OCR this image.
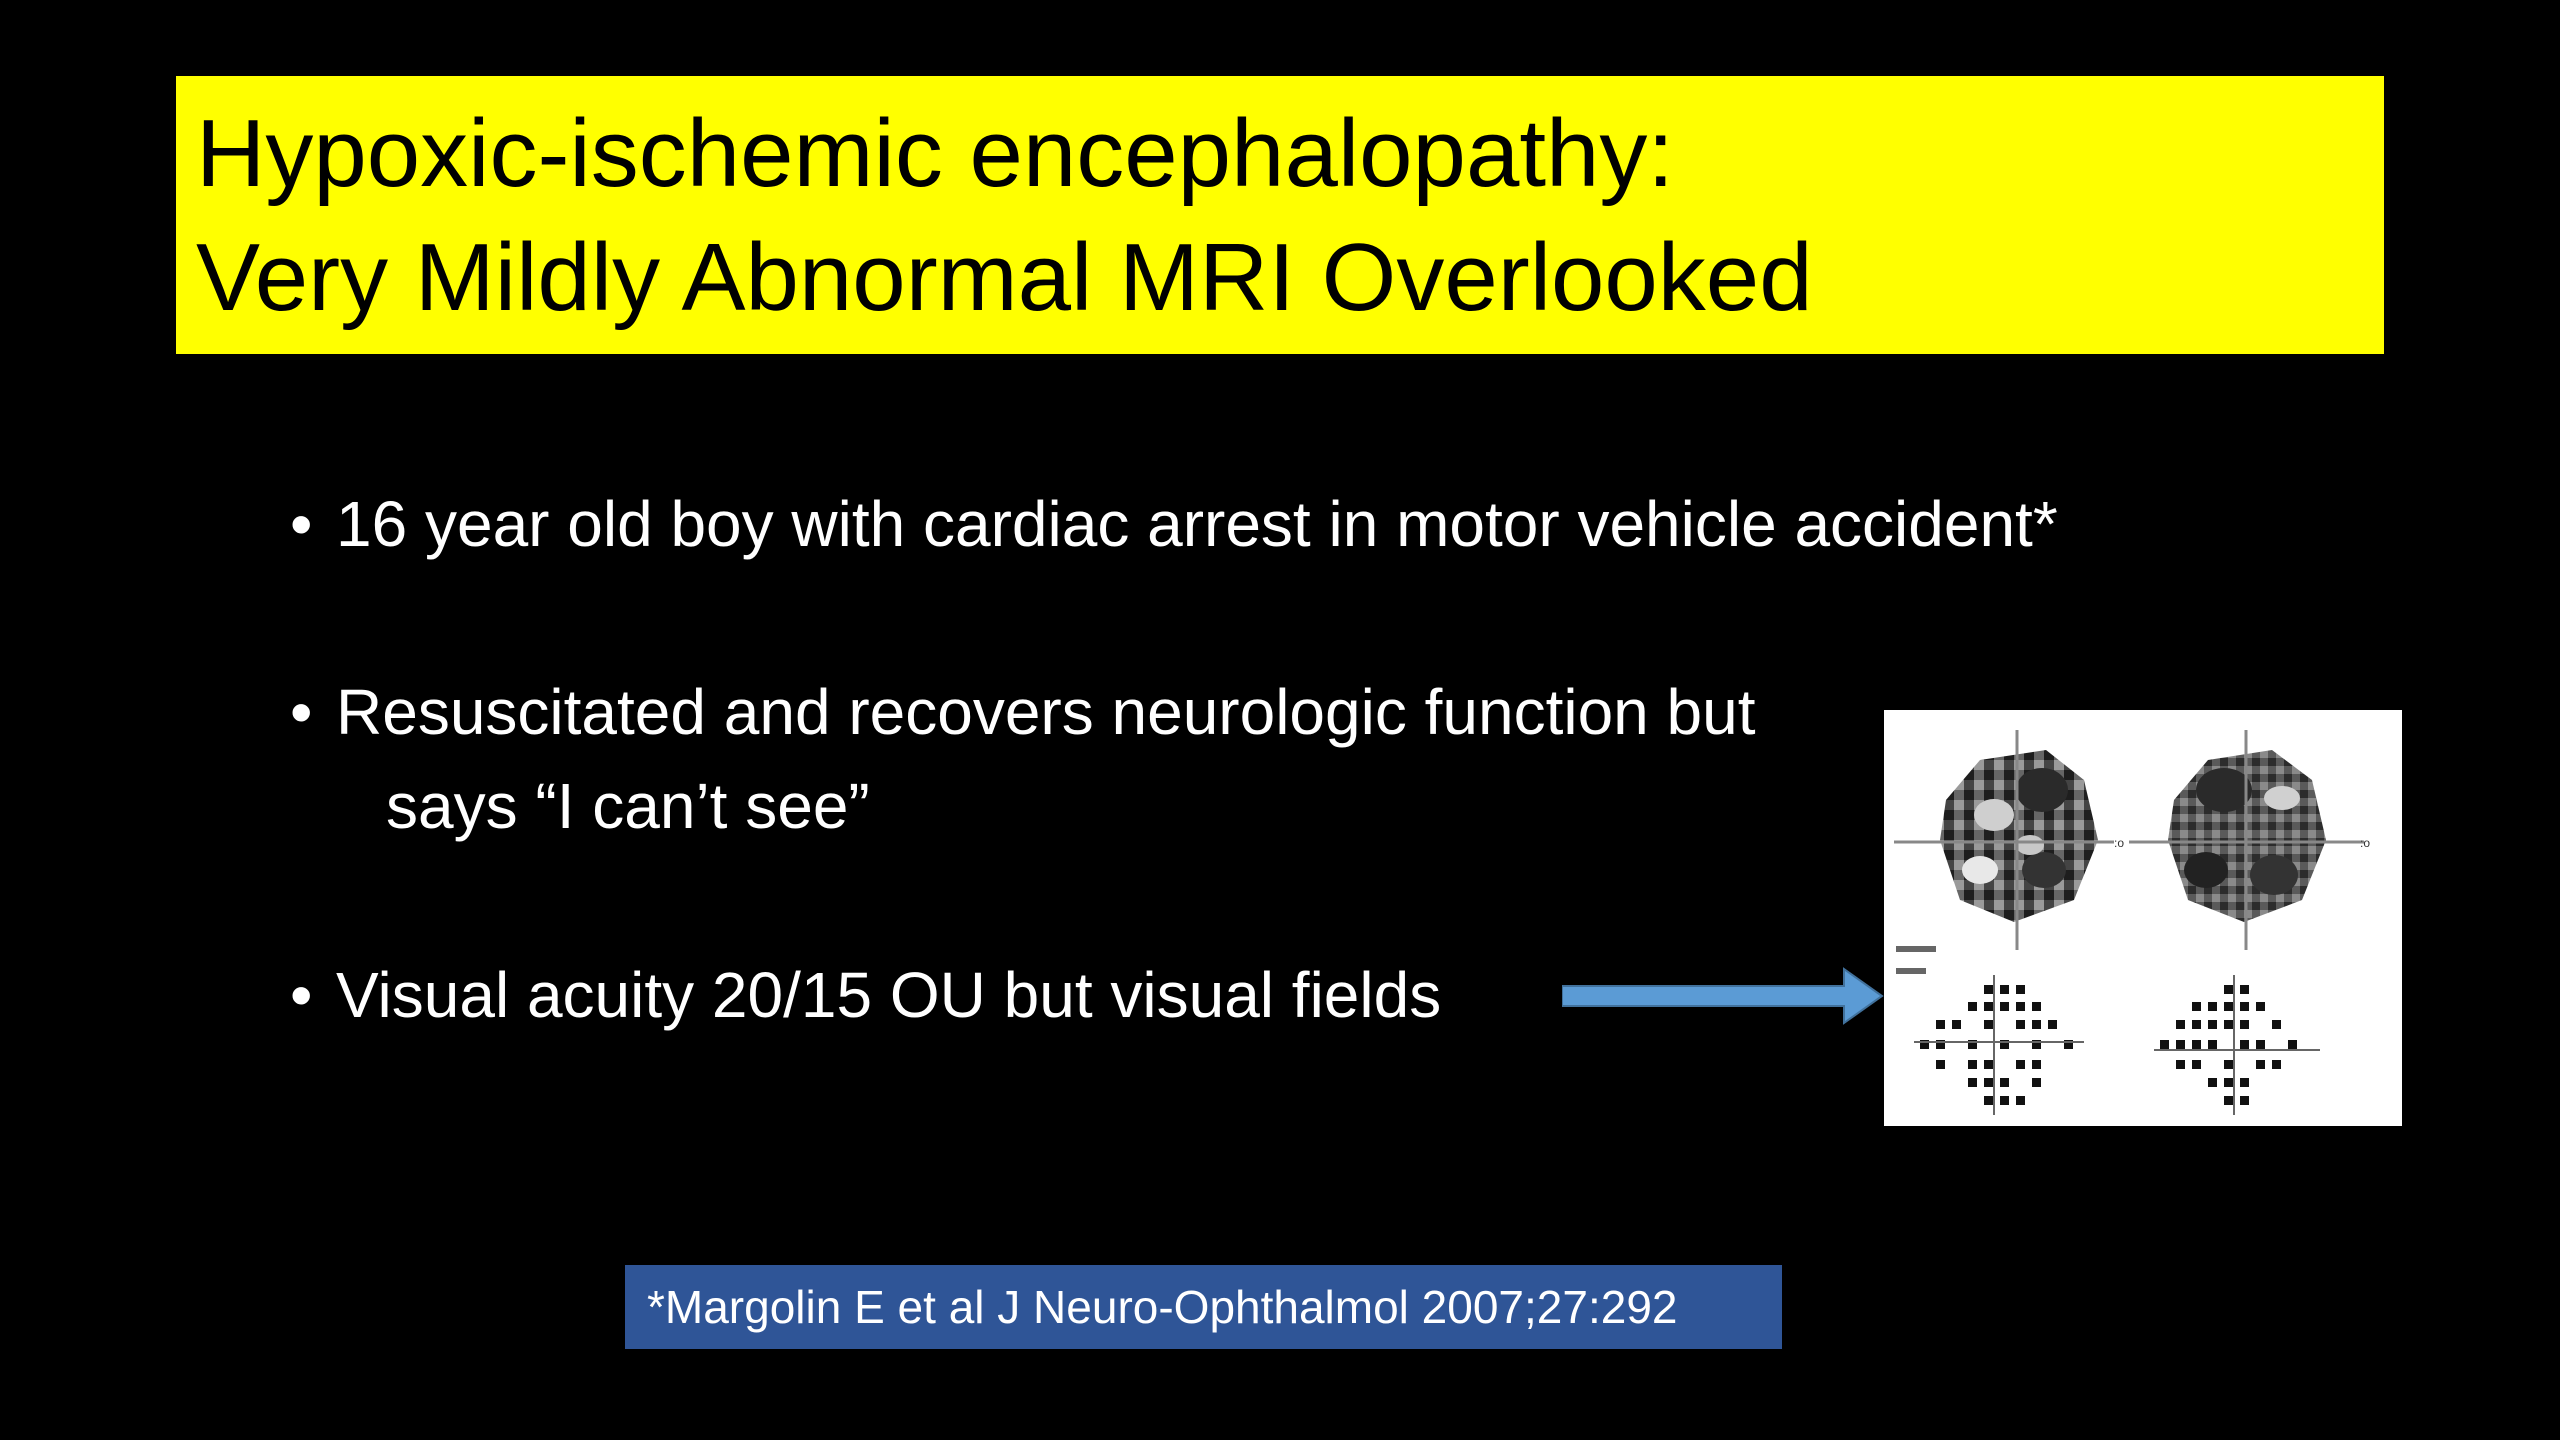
Hypoxic-ischemic encephalopathy:
Very Mildly Abnormal MRI Overlooked
• 16 year old boy with cardiac arrest in motor vehicle accident*
• Resuscitated and recovers neurologic function but
says “I can’t see”
• Visual acuity 20/15 OU but visual fields
:o	:o
*Margolin E et al J Neuro-Ophthalmol 2007;27:292
